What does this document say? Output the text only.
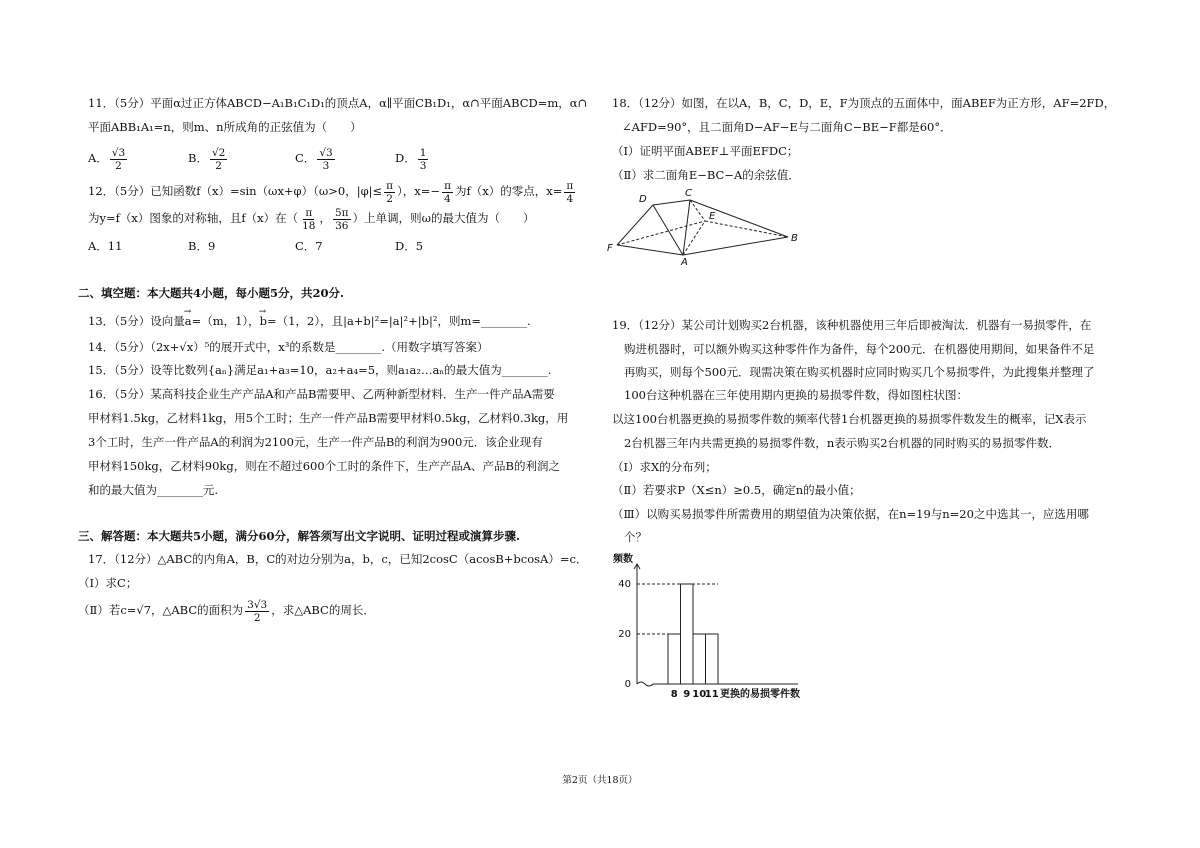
11．（5分）平面α过正方体ABCD−A₁B₁C₁D₁的顶点A，α∥平面CB₁D₁，α∩平面ABCD=m，α∩
平面ABB₁A₁=n，则m、n所成角的正弦值为（　　）
A． $\frac{√3}{2}$	B． $\frac{√2}{2}$	C． $\frac{√3}{3}$	D． $\frac{1}{3}$
12．（5分）已知函数f（x）=sin（ωx+φ）（ω>0，$|\varphi|\le \frac{\pi}{2}$ ），$x=- \frac{\pi}{4}$ 为f（x）的零点，$x= \frac{\pi}{4}$
为y=f（x）图象的对称轴，且f（x）在（ $\frac{\pi}{18}$ ， $\frac{5\pi}{36}$ ）上单调，则ω的最大值为（　　）
A．11	B．9	C．7	D．5
二、填空题：本大题共4小题，每小题5分，共20分.
13．（5分）设向量→ a=（m，1），→ b=（1，2），且|a+b|²=|a|²+|b|²，则m=________.
14．（5分）（2x+√x）⁵的展开式中，x³的系数是________.（用数字填写答案）
15．（5分）设等比数列{aₙ}满足a₁+a₃=10，a₂+a₄=5，则a₁a₂…aₙ的最大值为________.
16．（5分）某高科技企业生产产品A和产品B需要甲、乙两种新型材料．生产一件产品A需要
甲材料1.5kg，乙材料1kg，用5个工时；生产一件产品B需要甲材料0.5kg，乙材料0.3kg，用
3个工时，生产一件产品A的利润为2100元，生产一件产品B的利润为900元．该企业现有
甲材料150kg，乙材料90kg，则在不超过600个工时的条件下，生产产品A、产品B的利润之
和的最大值为________元.
三、解答题：本大题共5小题，满分60分，解答须写出文字说明、证明过程或演算步骤.
17．（12分）△ABC的内角A，B，C的对边分别为a，b，c，已知2cosC（acosB+bcosA）=c．
（Ⅰ）求C；
（Ⅱ）若c=√7，△ABC的面积为 $\frac{3√3}{2}$ ，求△ABC的周长．
18．（12分）如图，在以A，B，C，D，E，F为顶点的五面体中，面ABEF为正方形，AF=2FD，
∠AFD=90°，且二面角D−AF−E与二面角C−BE−F都是60°．
（Ⅰ）证明平面ABEF⊥平面EFDC；
（Ⅱ）求二面角E−BC−A的余弦值．
D
C
E
F
A
B
19．（12分）某公司计划购买2台机器，该种机器使用三年后即被淘汰．机器有一易损零件，在
购进机器时，可以额外购买这种零件作为备件，每个200元．在机器使用期间，如果备件不足
再购买，则每个500元．现需决策在购买机器时应同时购买几个易损零件，为此搜集并整理了
100台这种机器在三年使用期内更换的易损零件数，得如图柱状图：
以这100台机器更换的易损零件数的频率代替1台机器更换的易损零件数发生的概率，记X表示
2台机器三年内共需更换的易损零件数，n表示购买2台机器的同时购买的易损零件数．
（Ⅰ）求X的分布列；
（Ⅱ）若要求P（X≤n）≥0.5，确定n的最小值；
（Ⅲ）以购买易损零件所需费用的期望值为决策依据，在n=19与n=20之中选其一，应选用哪
个？
0
20
40
8 9 10
11
频数
更换的易损零件数
第2页（共18页）
